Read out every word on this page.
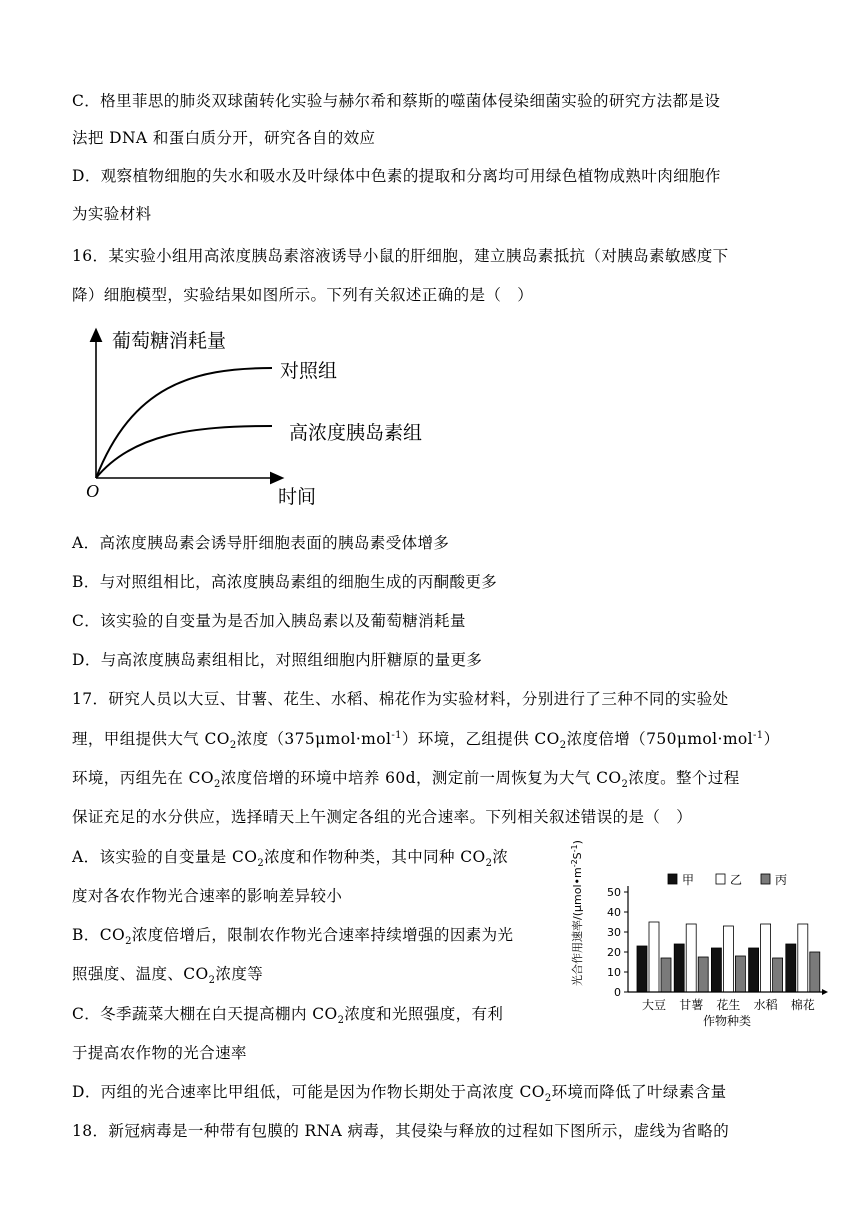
C．格里菲思的肺炎双球菌转化实验与赫尔希和蔡斯的噬菌体侵染细菌实验的研究方法都是设
法把 DNA 和蛋白质分开，研究各自的效应
D．观察植物细胞的失水和吸水及叶绿体中色素的提取和分离均可用绿色植物成熟叶肉细胞作
为实验材料
16．某实验小组用高浓度胰岛素溶液诱导小鼠的肝细胞，建立胰岛素抵抗（对胰岛素敏感度下
降）细胞模型，实验结果如图所示。下列有关叙述正确的是（　）
葡萄糖消耗量
对照组
高浓度胰岛素组
O	时间
A．高浓度胰岛素会诱导肝细胞表面的胰岛素受体增多
B．与对照组相比，高浓度胰岛素组的细胞生成的丙酮酸更多
C．该实验的自变量为是否加入胰岛素以及葡萄糖消耗量
D．与高浓度胰岛素组相比，对照组细胞内肝糖原的量更多
17．研究人员以大豆、甘薯、花生、水稻、棉花作为实验材料，分别进行了三种不同的实验处
理，甲组提供大气 $CO_2$浓度（375μmol·mol$^{-1}$）环境，乙组提供 $CO_2$浓度倍增（750μmol·mol$^{-1}$）
环境，丙组先在 $CO_2$浓度倍增的环境中培养 60d，测定前一周恢复为大气 $CO_2$浓度。整个过程
保证充足的水分供应，选择晴天上午测定各组的光合速率。下列相关叙述错误的是（　）
A．该实验的自变量是 $CO_2$浓度和作物种类，其中同种 $CO_2$浓
度对各农作物光合速率的影响差异较小
B．$CO_2$浓度倍增后，限制农作物光合速率持续增强的因素为光
照强度、温度、$CO_2$浓度等
C．冬季蔬菜大棚在白天提高棚内 $CO_2$浓度和光照强度，有利
于提高农作物的光合速率
D．丙组的光合速率比甲组低，可能是因为作物长期处于高浓度 $CO_2$环境而降低了叶绿素含量
18．新冠病毒是一种带有包膜的 RNA 病毒，其侵染与释放的过程如下图所示，虚线为省略的
光合作用速率$/(\mu mol•m^{-2}S^{-1})$
甲	乙	丙
0
10
20
30
40
50
大豆 甘薯 花生 水稻 棉花
作物种类
